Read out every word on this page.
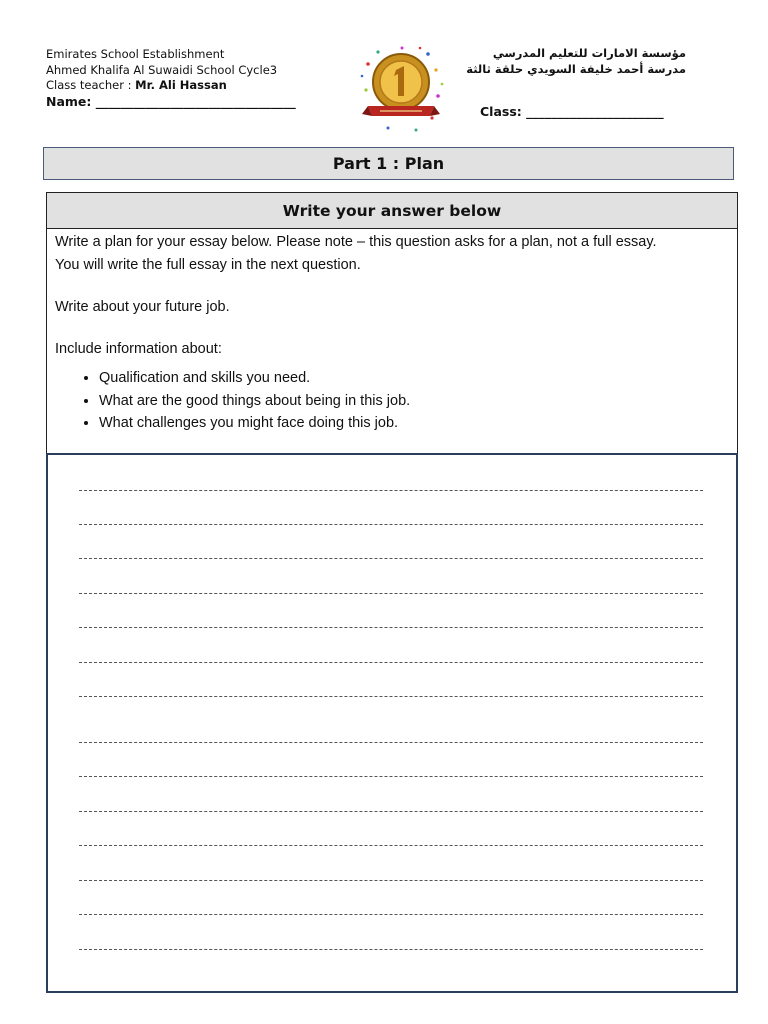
Emirates School Establishment
Ahmed Khalifa Al Suwaidi School Cycle3
Class teacher : Mr. Ali Hassan
Name: ________________________________
مؤسسة الامارات للتعليم المدرسي
مدرسة أحمد خليفة السويدي حلقة ثالثة
Class: ______________________
Part 1 : Plan
Write your answer below

Write a plan for your essay below. Please note – this question asks for a plan, not a full essay.

You will write the full essay in the next question.

Write about your future job.

Include information about:

• Qualification and skills you need.
• What are the good things about being in this job.
• What challenges you might face doing this job.
